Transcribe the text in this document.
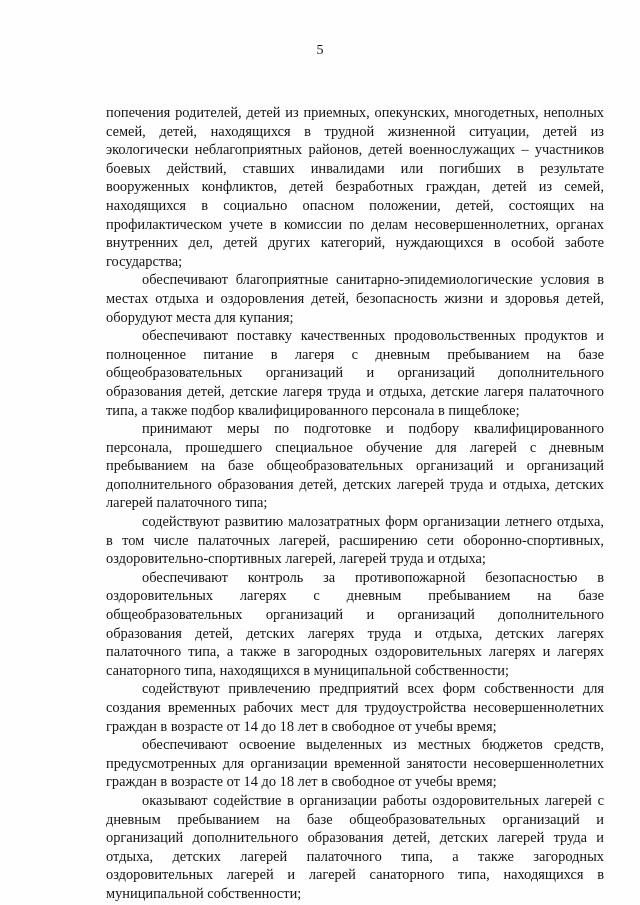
5

попечения родителей, детей из приемных, опекунских, многодетных, неполных семей, детей, находящихся в трудной жизненной ситуации, детей из экологически неблагоприятных районов, детей военнослужащих – участников боевых действий, ставших инвалидами или погибших в результате вооруженных конфликтов, детей безработных граждан, детей из семей, находящихся в социально опасном положении, детей, состоящих на профилактическом учете в комиссии по делам несовершеннолетних, органах внутренних дел, детей других категорий, нуждающихся в особой заботе государства;

обеспечивают благоприятные санитарно-эпидемиологические условия в местах отдыха и оздоровления детей, безопасность жизни и здоровья детей, оборудуют места для купания;

обеспечивают поставку качественных продовольственных продуктов и полноценное питание в лагеря с дневным пребыванием на базе общеобразовательных организаций и организаций дополнительного образования детей, детские лагеря труда и отдыха, детские лагеря палаточного типа, а также подбор квалифицированного персонала в пищеблоке;

принимают меры по подготовке и подбору квалифицированного персонала, прошедшего специальное обучение для лагерей с дневным пребыванием на базе общеобразовательных организаций и организаций дополнительного образования детей, детских лагерей труда и отдыха, детских лагерей палаточного типа;

содействуют развитию малозатратных форм организации летнего отдыха, в том числе палаточных лагерей, расширению сети оборонно-спортивных, оздоровительно-спортивных лагерей, лагерей труда и отдыха;

обеспечивают контроль за противопожарной безопасностью в оздоровительных лагерях с дневным пребыванием на базе общеобразовательных организаций и организаций дополнительного образования детей, детских лагерях труда и отдыха, детских лагерях палаточного типа, а также в загородных оздоровительных лагерях и лагерях санаторного типа, находящихся в муниципальной собственности;

содействуют привлечению предприятий всех форм собственности для создания временных рабочих мест для трудоустройства несовершеннолетних граждан в возрасте от 14 до 18 лет в свободное от учебы время;

обеспечивают освоение выделенных из местных бюджетов средств, предусмотренных для организации временной занятости несовершеннолетних граждан в возрасте от 14 до 18 лет в свободное от учебы время;

оказывают содействие в организации работы оздоровительных лагерей с дневным пребыванием на базе общеобразовательных организаций и организаций дополнительного образования детей, детских лагерей труда и отдыха, детских лагерей палаточного типа, а также загородных оздоровительных лагерей и лагерей санаторного типа, находящихся в муниципальной собственности;
